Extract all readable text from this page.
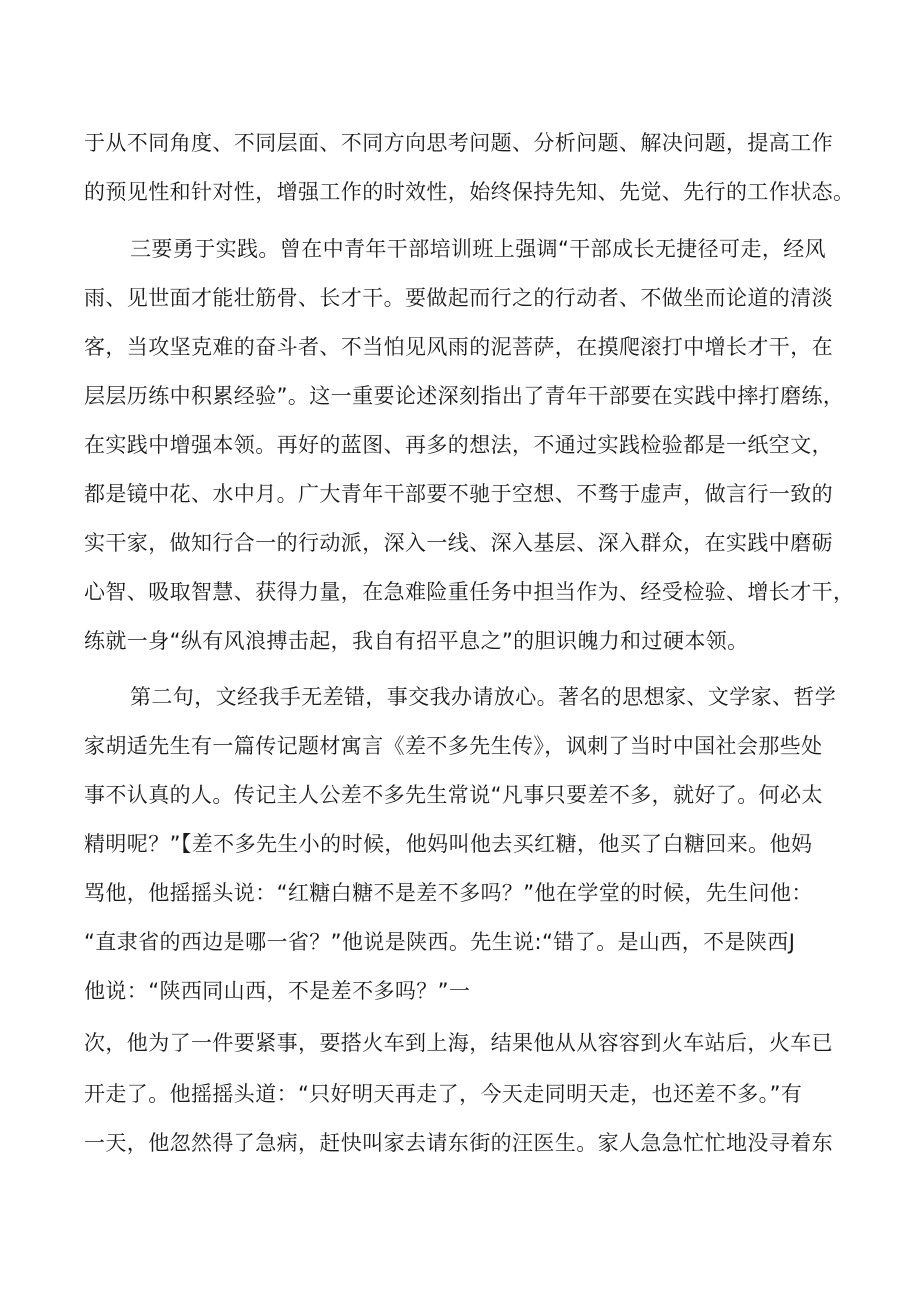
于从不同角度、不同层面、不同方向思考问题、分析问题、解决问题，提高工作
的预见性和针对性，增强工作的时效性，始终保持先知、先觉、先行的工作状态。
三要勇于实践。曾在中青年干部培训班上强调“干部成长无捷径可走，经风
雨、见世面才能壮筋骨、长才干。要做起而行之的行动者、不做坐而论道的清淡
客，当攻坚克难的奋斗者、不当怕见风雨的泥菩萨，在摸爬滚打中增长才干，在
层层历练中积累经验”。这一重要论述深刻指出了青年干部要在实践中摔打磨练，
在实践中增强本领。再好的蓝图、再多的想法，不通过实践检验都是一纸空文，
都是镜中花、水中月。广大青年干部要不驰于空想、不骛于虚声，做言行一致的
实干家，做知行合一的行动派，深入一线、深入基层、深入群众，在实践中磨砺
心智、吸取智慧、获得力量，在急难险重任务中担当作为、经受检验、增长才干，
练就一身“纵有风浪搏击起，我自有招平息之”的胆识魄力和过硬本领。
第二句，文经我手无差错，事交我办请放心。著名的思想家、文学家、哲学
家胡适先生有一篇传记题材寓言《差不多先生传》，讽刺了当时中国社会那些处
事不认真的人。传记主人公差不多先生常说“凡事只要差不多，就好了。何必太
精明呢？”【差不多先生小的时候，他妈叫他去买红糖，他买了白糖回来。他妈
骂他，他摇摇头说：“红糖白糖不是差不多吗？”他在学堂的时候，先生问他：
“直隶省的西边是哪一省？”他说是陕西。先生说:“错了。是山西，不是陕西J
他说：“陕西同山西，不是差不多吗？”一
次，他为了一件要紧事，要搭火车到上海，结果他从从容容到火车站后，火车已
开走了。他摇摇头道：“只好明天再走了，今天走同明天走，也还差不多。”有
一天，他忽然得了急病，赶快叫家去请东街的汪医生。家人急急忙忙地没寻着东
